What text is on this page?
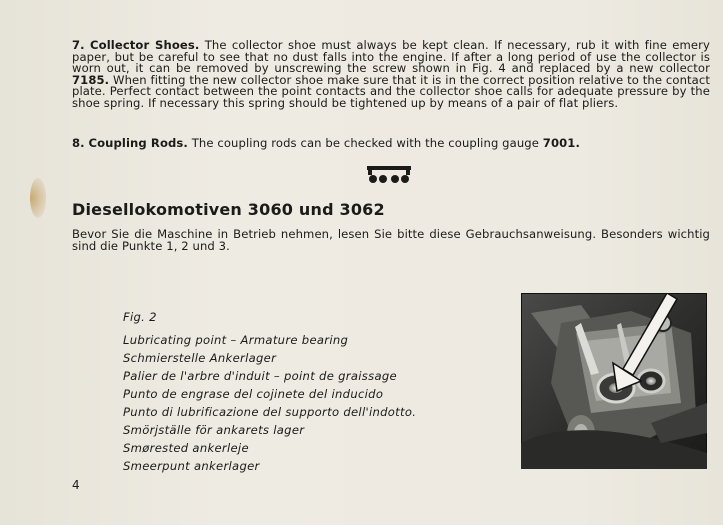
7. Collector Shoes. The collector shoe must always be kept clean. If necessary, rub it with fine emery paper, but be careful to see that no dust falls into the engine. If after a long period of use the collector is worn out, it can be removed by unscrewing the screw shown in Fig. 4 and replaced by a new collector 7185. When fitting the new collector shoe make sure that it is in the correct position relative to the contact plate. Perfect contact between the point contacts and the collector shoe calls for adequate pressure by the shoe spring. If necessary this spring should be tightened up by means of a pair of flat pliers.
8. Coupling Rods. The coupling rods can be checked with the coupling gauge 7001.
Diesellokomotiven 3060 und 3062
Bevor Sie die Maschine in Betrieb nehmen, lesen Sie bitte diese Gebrauchsanweisung. Besonders wichtig sind die Punkte 1, 2 und 3.
Fig. 2
Lubricating point – Armature bearing
Schmierstelle Ankerlager
Palier de l'arbre d'induit – point de graissage
Punto de engrase del cojinete del inducido
Punto di lubrificazione del supporto dell'indotto.
Smörjställe för ankarets lager
Smørested ankerleje
Smeerpunt ankerlager
4
